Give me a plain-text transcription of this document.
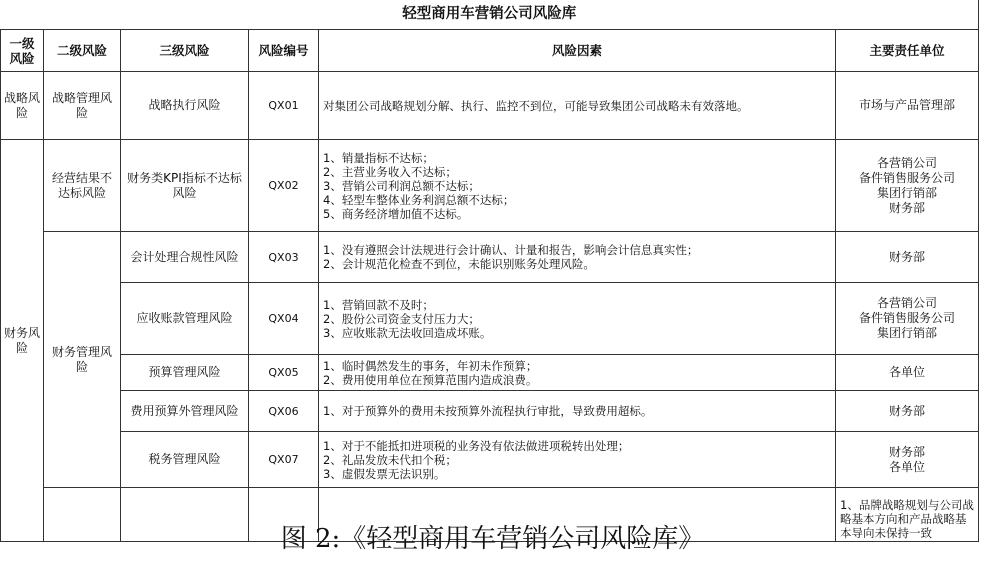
轻型商用车营销公司风险库						
一级风险	二级风险	三级风险	风险编号	风险因素	主要责任单位	
战略风险	战略管理风险	战略执行风险	QX01	对集团公司战略规划分解、执行、监控不到位，可能导致集团公司战略未有效落地。	市场与产品管理部	

财务风险	经营结果不达标风险	财务类KPI指标不达标风险	QX02	1、销量指标不达标；
2、主营业务收入不达标；
3、营销公司利润总额不达标；
4、轻型车整体业务利润总额不达标；
5、商务经济增加值不达标。	各营销公司
备件销售服务公司
集团行销部
财务部	

	财务管理风险	会计处理合规性风险	QX03	1、没有遵照会计法规进行会计确认、计量和报告，影响会计信息真实性；
2、会计规范化检查不到位，未能识别账务处理风险。	财务部	

		应收账款管理风险	QX04	1、营销回款不及时；
2、股份公司资金支付压力大；
3、应收账款无法收回造成坏账。	各营销公司
备件销售服务公司
集团行销部	

		预算管理风险	QX05	1、临时偶然发生的事务，年初未作预算；
2、费用使用单位在预算范围内造成浪费。	各单位	

		费用预算外管理风险	QX06	1、对于预算外的费用未按预算外流程执行审批，导致费用超标。	财务部	

		税务管理风险	QX07	1、对于不能抵扣进项税的业务没有依法做进项税转出处理；
2、礼品发放未代扣个税；
3、虚假发票无法识别。	财务部
各单位	

					1、品牌战略规划与公司战略基本方向和产品战略基本导向未保持一致	

图 2:《轻型商用车营销公司风险库》
